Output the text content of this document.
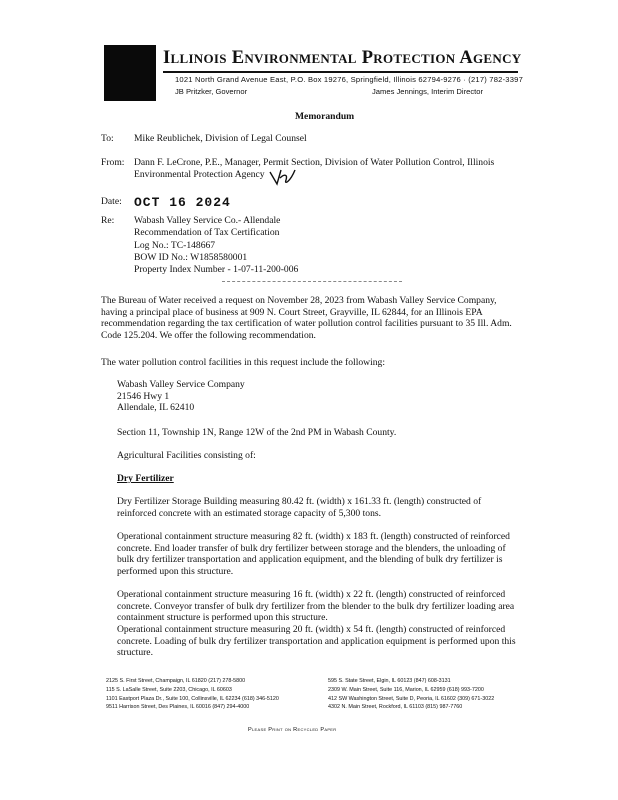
Illinois Environmental Protection Agency
1021 North Grand Avenue East, P.O. Box 19276, Springfield, Illinois 62794-9276 · (217) 782-3397
JB Pritzker, Governor	James Jennings, Interim Director
Memorandum
To: Mike Reublichek, Division of Legal Counsel
From: Dann F. LeCrone, P.E., Manager, Permit Section, Division of Water Pollution Control, Illinois
Environmental Protection Agency
Date: OCT 16 2024
Re: Wabash Valley Service Co.- Allendale
Recommendation of Tax Certification
Log No.: TC-148667
BOW ID No.: W1858580001
Property Index Number - 1-07-11-200-006
The Bureau of Water received a request on November 28, 2023 from Wabash Valley Service Company, having a principal place of business at 909 N. Court Street, Grayville, IL 62844, for an Illinois EPA recommendation regarding the tax certification of water pollution control facilities pursuant to 35 Ill. Adm. Code 125.204. We offer the following recommendation.
The water pollution control facilities in this request include the following:
Wabash Valley Service Company
21546 Hwy 1
Allendale, IL 62410
Section 11, Township 1N, Range 12W of the 2nd PM in Wabash County.
Agricultural Facilities consisting of:
Dry Fertilizer
Dry Fertilizer Storage Building measuring 80.42 ft. (width) x 161.33 ft. (length) constructed of reinforced concrete with an estimated storage capacity of 5,300 tons.
Operational containment structure measuring 82 ft. (width) x 183 ft. (length) constructed of reinforced concrete. End loader transfer of bulk dry fertilizer between storage and the blenders, the unloading of bulk dry fertilizer transportation and application equipment, and the blending of bulk dry fertilizer is performed upon this structure.
Operational containment structure measuring 16 ft. (width) x 22 ft. (length) constructed of reinforced concrete. Conveyor transfer of bulk dry fertilizer from the blender to the bulk dry fertilizer loading area containment structure is performed upon this structure.
Operational containment structure measuring 20 ft. (width) x 54 ft. (length) constructed of reinforced concrete. Loading of bulk dry fertilizer transportation and application equipment is performed upon this structure.
2125 S. First Street, Champaign, IL 61820 (217) 278-5800
115 S. LaSalle Street, Suite 2203, Chicago, IL 60603
1101 Eastport Plaza Dr., Suite 100, Collinsville, IL 62234 (618) 346-5120
9511 Harrison Street, Des Plaines, IL 60016 (847) 294-4000
595 S. State Street, Elgin, IL 60123 (847) 608-3131
2309 W. Main Street, Suite 116, Marion, IL 62959 (618) 993-7200
412 SW Washington Street, Suite D, Peoria, IL 61602 (309) 671-3022
4302 N. Main Street, Rockford, IL 61103 (815) 987-7760
Please Print on Recycled Paper
